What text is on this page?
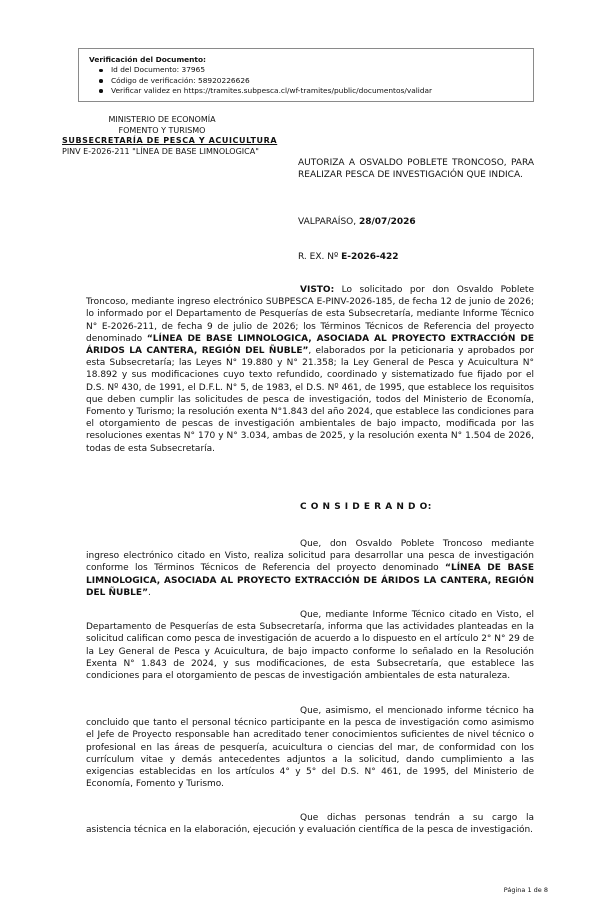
Verificación del Documento:
Id del Documento: 37965
Código de verificación: 58920226626
Verificar validez en https://tramites.subpesca.cl/wf-tramites/public/documentos/validar
MINISTERIO DE ECONOMÍA
FOMENTO Y TURISMO
SUBSECRETARÍA DE PESCA Y ACUICULTURA
PINV E-2026-211 "LÍNEA DE BASE LIMNOLOGICA"

AUTORIZA A OSVALDO POBLETE TRONCOSO, PARA REALIZAR PESCA DE INVESTIGACIÓN QUE INDICA.

VALPARAÍSO, 28/07/2026
R. EX. Nº E-2026-422
VISTO: Lo solicitado por don Osvaldo Poblete Troncoso, mediante ingreso electrónico SUBPESCA E-PINV-2026-185, de fecha 12 de junio de 2026; lo informado por el Departamento de Pesquerías de esta Subsecretaría, mediante Informe Técnico N° E-2026-211, de fecha 9 de julio de 2026; los Términos Técnicos de Referencia del proyecto denominado “LÍNEA DE BASE LIMNOLOGICA, ASOCIADA AL PROYECTO EXTRACCIÓN DE ÁRIDOS LA CANTERA, REGIÓN DEL ÑUBLE”, elaborados por la peticionaria y aprobados por esta Subsecretaría; las Leyes N° 19.880 y N° 21.358; la Ley General de Pesca y Acuicultura N° 18.892 y sus modificaciones cuyo texto refundido, coordinado y sistematizado fue fijado por el D.S. Nº 430, de 1991, el D.F.L. N° 5, de 1983, el D.S. Nº 461, de 1995, que establece los requisitos que deben cumplir las solicitudes de pesca de investigación, todos del Ministerio de Economía, Fomento y Turismo; la resolución exenta N°1.843 del año 2024, que establece las condiciones para el otorgamiento de pescas de investigación ambientales de bajo impacto, modificada por las resoluciones exentas N° 170 y N° 3.034, ambas de 2025, y la resolución exenta N° 1.504 de 2026, todas de esta Subsecretaría.
C O N S I D E R A N D O:
Que, don Osvaldo Poblete Troncoso mediante ingreso electrónico citado en Visto, realiza solicitud para desarrollar una pesca de investigación conforme los Términos Técnicos de Referencia del proyecto denominado “LÍNEA DE BASE LIMNOLOGICA, ASOCIADA AL PROYECTO EXTRACCIÓN DE ÁRIDOS LA CANTERA, REGIÓN DEL ÑUBLE”.
Que, mediante Informe Técnico citado en Visto, el Departamento de Pesquerías de esta Subsecretaría, informa que las actividades planteadas en la solicitud califican como pesca de investigación de acuerdo a lo dispuesto en el artículo 2° N° 29 de la Ley General de Pesca y Acuicultura, de bajo impacto conforme lo señalado en la Resolución Exenta N° 1.843 de 2024, y sus modificaciones, de esta Subsecretaría, que establece las condiciones para el otorgamiento de pescas de investigación ambientales de esta naturaleza.
Que, asimismo, el mencionado informe técnico ha concluido que tanto el personal técnico participante en la pesca de investigación como asimismo el Jefe de Proyecto responsable han acreditado tener conocimientos suficientes de nivel técnico o profesional en las áreas de pesquería, acuicultura o ciencias del mar, de conformidad con los currículum vitae y demás antecedentes adjuntos a la solicitud, dando cumplimiento a las exigencias establecidas en los artículos 4° y 5° del D.S. N° 461, de 1995, del Ministerio de Economía, Fomento y Turismo.
Que dichas personas tendrán a su cargo la asistencia técnica en la elaboración, ejecución y evaluación científica de la pesca de investigación.
Página 1 de 8
